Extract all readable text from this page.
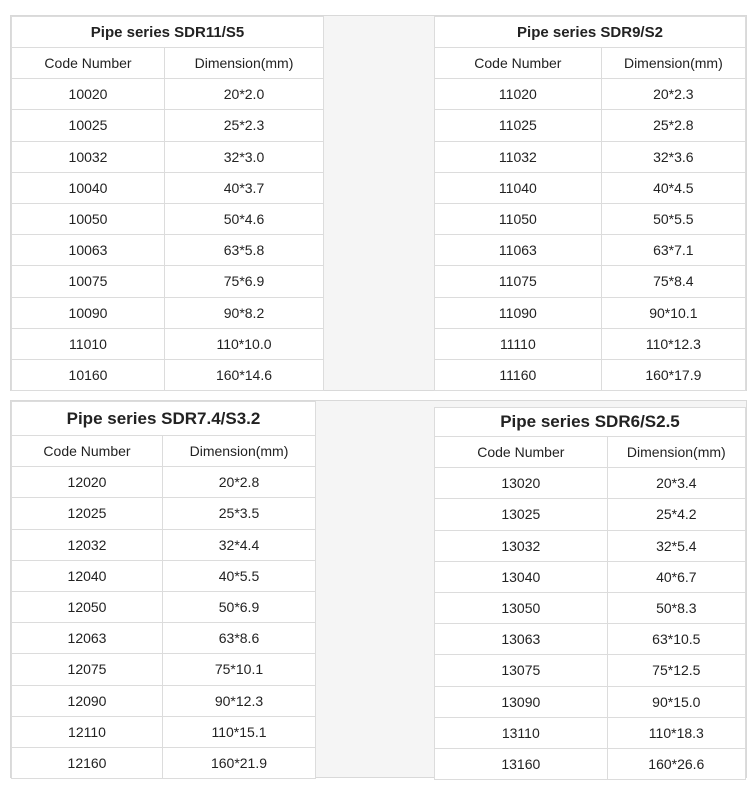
Pipe series SDR11/S5	
Code Number	Dimension(mm)
10020	20*2.0
10025	25*2.3
10032	32*3.0
10040	40*3.7
10050	50*4.6
10063	63*5.8
10075	75*6.9
10090	90*8.2
11010	110*10.0
10160	160*14.6
Pipe series SDR9/S2	
Code Number	Dimension(mm)
11020	20*2.3
11025	25*2.8
11032	32*3.6
11040	40*4.5
11050	50*5.5
11063	63*7.1
11075	75*8.4
11090	90*10.1
11110	110*12.3
11160	160*17.9
Pipe series SDR7.4/S3.2	
Code Number	Dimension(mm)
12020	20*2.8
12025	25*3.5
12032	32*4.4
12040	40*5.5
12050	50*6.9
12063	63*8.6
12075	75*10.1
12090	90*12.3
12110	110*15.1
12160	160*21.9
Pipe series SDR6/S2.5	
Code Number	Dimension(mm)
13020	20*3.4
13025	25*4.2
13032	32*5.4
13040	40*6.7
13050	50*8.3
13063	63*10.5
13075	75*12.5
13090	90*15.0
13110	110*18.3
13160	160*26.6
